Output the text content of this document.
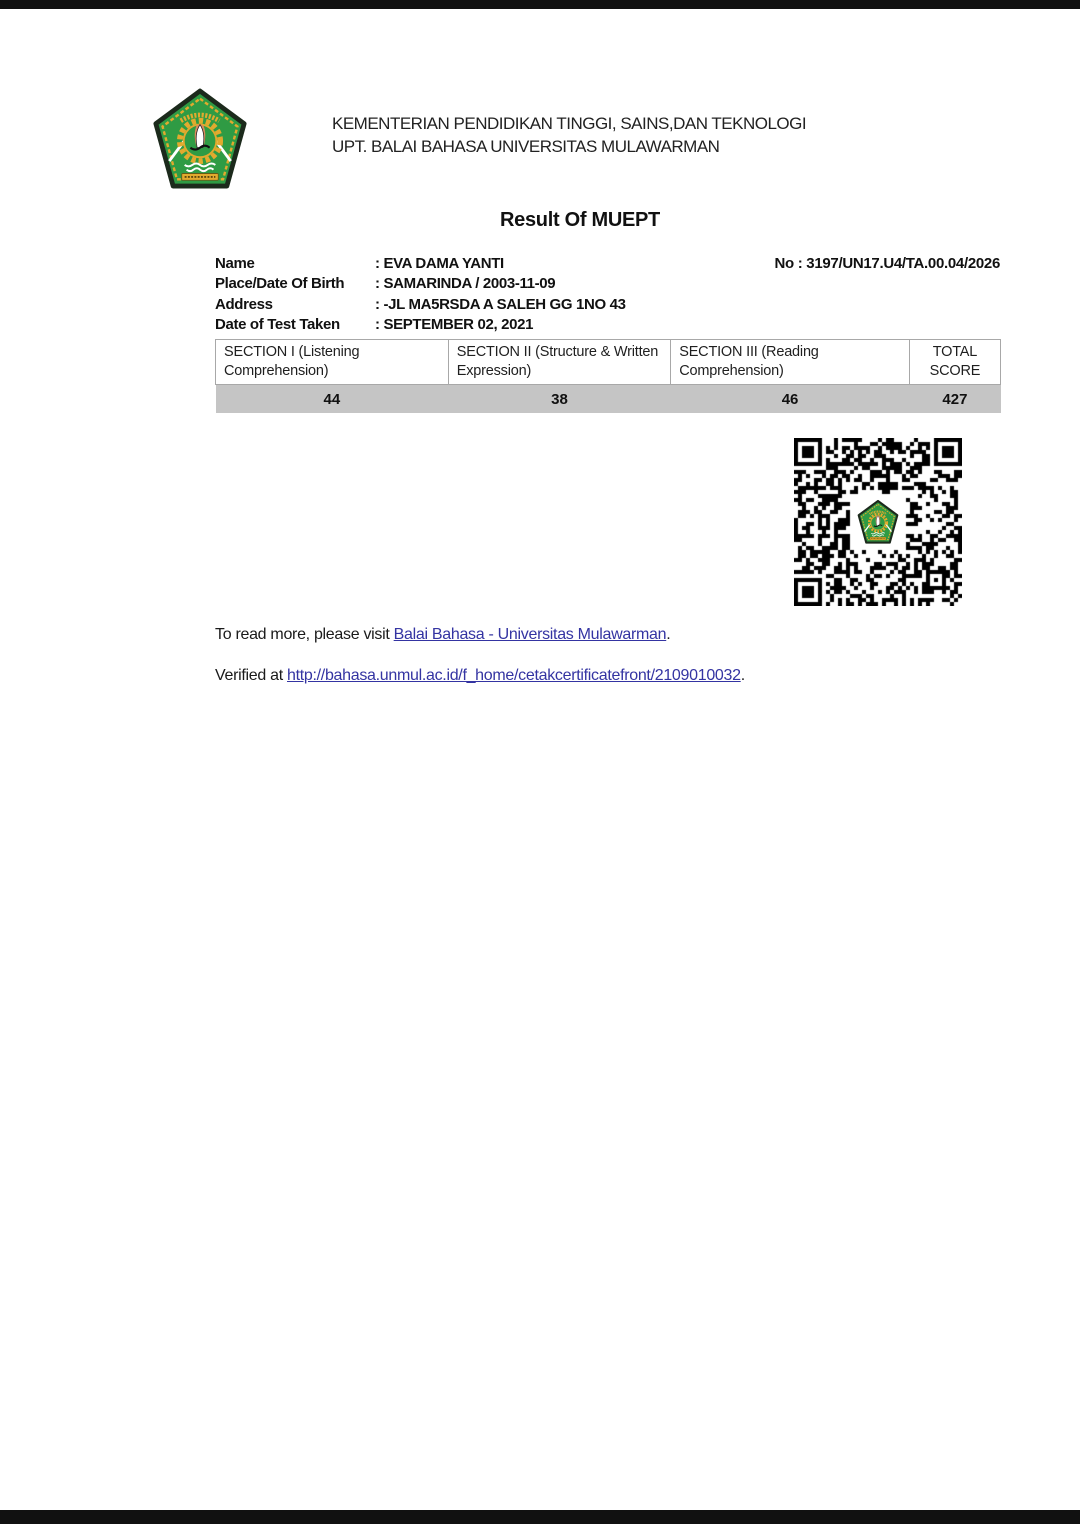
KEMENTERIAN PENDIDIKAN TINGGI, SAINS,DAN TEKNOLOGI
UPT. BALAI BAHASA UNIVERSITAS MULAWARMAN
Result Of MUEPT
No : 3197/UN17.U4/TA.00.04/2026
Name	: EVA DAMA YANTI
Place/Date Of Birth	: SAMARINDA / 2003-11-09
Address	: -JL MA5RSDA A SALEH GG 1NO 43
Date of Test Taken	: SEPTEMBER 02, 2021
SECTION I (Listening Comprehension)	SECTION II (Structure & Written Expression)	SECTION III (Reading Comprehension)	TOTAL SCORE
44	38	46	427
To read more, please visit Balai Bahasa - Universitas Mulawarman.
Verified at http://bahasa.unmul.ac.id/f_home/cetakcertificatefront/2109010032.
